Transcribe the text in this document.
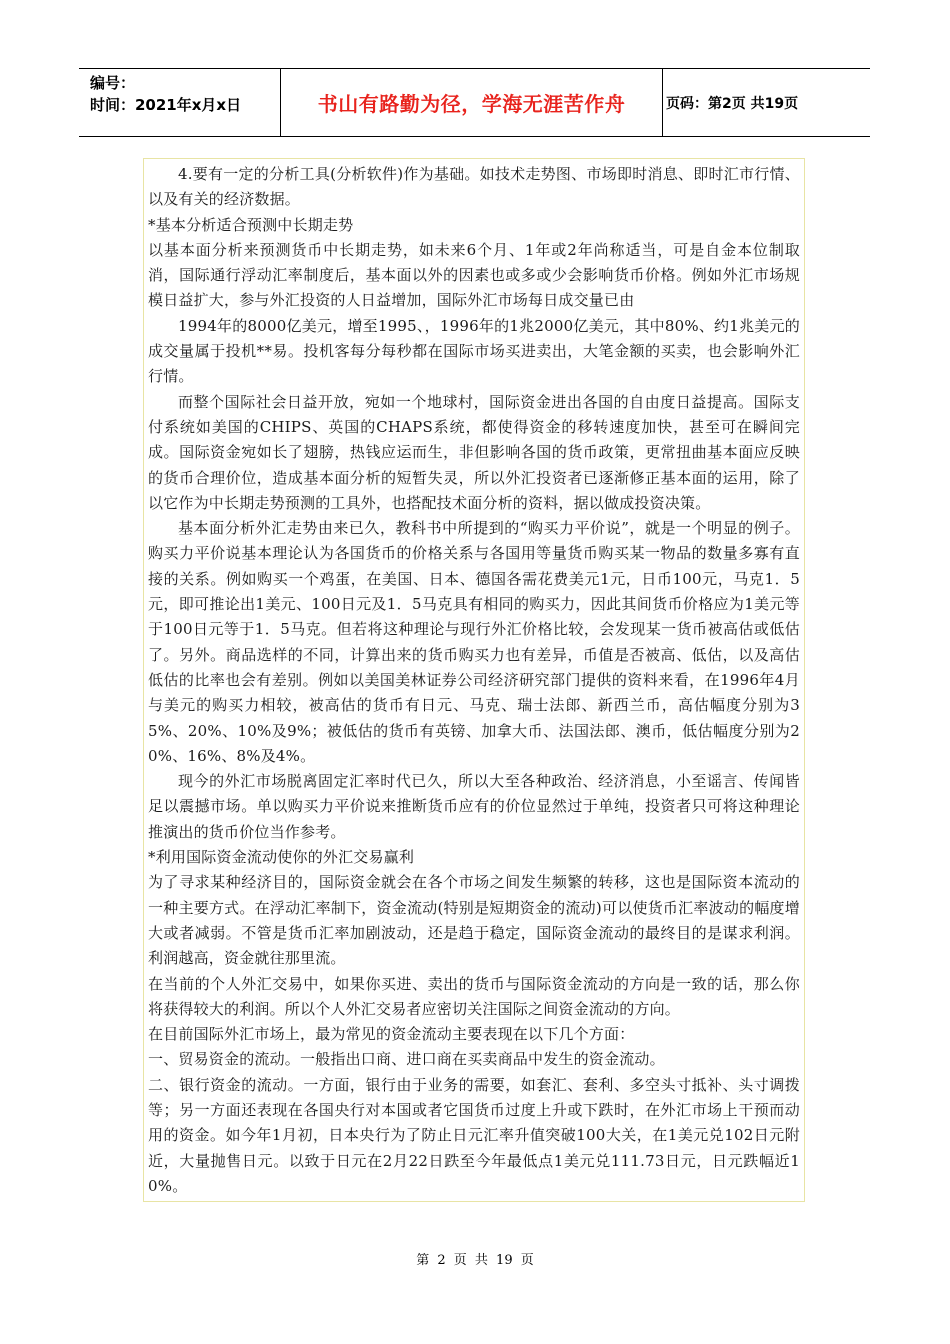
编号：
时间：2021年x月x日	书山有路勤为径，学海无涯苦作舟	页码：第2页 共19页

4.要有一定的分析工具(分析软件)作为基础。如技术走势图、市场即时消息、即时汇市行情、以及有关的经济数据。

*基本分析适合预测中长期走势

以基本面分析来预测货币中长期走势，如未来6个月、1年或2年尚称适当，可是自金本位制取消，国际通行浮动汇率制度后，基本面以外的因素也或多或少会影响货币价格。例如外汇市场规模日益扩大，参与外汇投资的人日益增加，国际外汇市场每日成交量已由

1994年的8000亿美元，增至1995、，1996年的1兆2000亿美元，其中80%、约1兆美元的成交量属于投机**易。投机客每分每秒都在国际市场买进卖出，大笔金额的买卖，也会影响外汇行情。

而整个国际社会日益开放，宛如一个地球村，国际资金进出各国的自由度日益提高。国际支付系统如美国的CHIPS、英国的CHAPS系统，都使得资金的移转速度加快，甚至可在瞬间完成。国际资金宛如长了翅膀，热钱应运而生，非但影响各国的货币政策，更常扭曲基本面应反映的货币合理价位，造成基本面分析的短暂失灵，所以外汇投资者已逐渐修正基本面的运用，除了以它作为中长期走势预测的工具外，也搭配技术面分析的资料，据以做成投资决策。

基本面分析外汇走势由来已久，教科书中所提到的“购买力平价说”，就是一个明显的例子。购买力平价说基本理论认为各国货币的价格关系与各国用等量货币购买某一物品的数量多寡有直接的关系。例如购买一个鸡蛋，在美国、日本、德国各需花费美元1元，日币100元，马克1．5元，即可推论出1美元、100日元及1．5马克具有相同的购买力，因此其间货币价格应为1美元等于100日元等于1．5马克。但若将这种理论与现行外汇价格比较，会发现某一货币被高估或低估了。另外。商品选样的不同，计算出来的货币购买力也有差异，币值是否被高、低估，以及高估低估的比率也会有差别。例如以美国美林证券公司经济研究部门提供的资料来看，在1996年4月与美元的购买力相较，被高估的货币有日元、马克、瑞士法郎、新西兰币，高估幅度分别为35%、20%、10%及9%；被低估的货币有英镑、加拿大币、法国法郎、澳币，低估幅度分别为20%、16%、8%及4%。

现今的外汇市场脱离固定汇率时代已久，所以大至各种政治、经济消息，小至谣言、传闻皆足以震撼市场。单以购买力平价说来推断货币应有的价位显然过于单纯，投资者只可将这种理论推演出的货币价位当作参考。

*利用国际资金流动使你的外汇交易赢利

为了寻求某种经济目的，国际资金就会在各个市场之间发生频繁的转移，这也是国际资本流动的一种主要方式。在浮动汇率制下，资金流动(特别是短期资金的流动)可以使货币汇率波动的幅度增大或者减弱。不管是货币汇率加剧波动，还是趋于稳定，国际资金流动的最终目的是谋求利润。利润越高，资金就往那里流。

在当前的个人外汇交易中，如果你买进、卖出的货币与国际资金流动的方向是一致的话，那么你将获得较大的利润。所以个人外汇交易者应密切关注国际之间资金流动的方向。

在目前国际外汇市场上，最为常见的资金流动主要表现在以下几个方面：

一、贸易资金的流动。一般指出口商、进口商在买卖商品中发生的资金流动。

二、银行资金的流动。一方面，银行由于业务的需要，如套汇、套利、多空头寸抵补、头寸调拨等；另一方面还表现在各国央行对本国或者它国货币过度上升或下跌时，在外汇市场上干预而动用的资金。如今年1月初，日本央行为了防止日元汇率升值突破100大关，在1美元兑102日元附近，大量抛售日元。以致于日元在2月22日跌至今年最低点1美元兑111.73日元，日元跌幅近10%。

第 2 页 共 19 页
